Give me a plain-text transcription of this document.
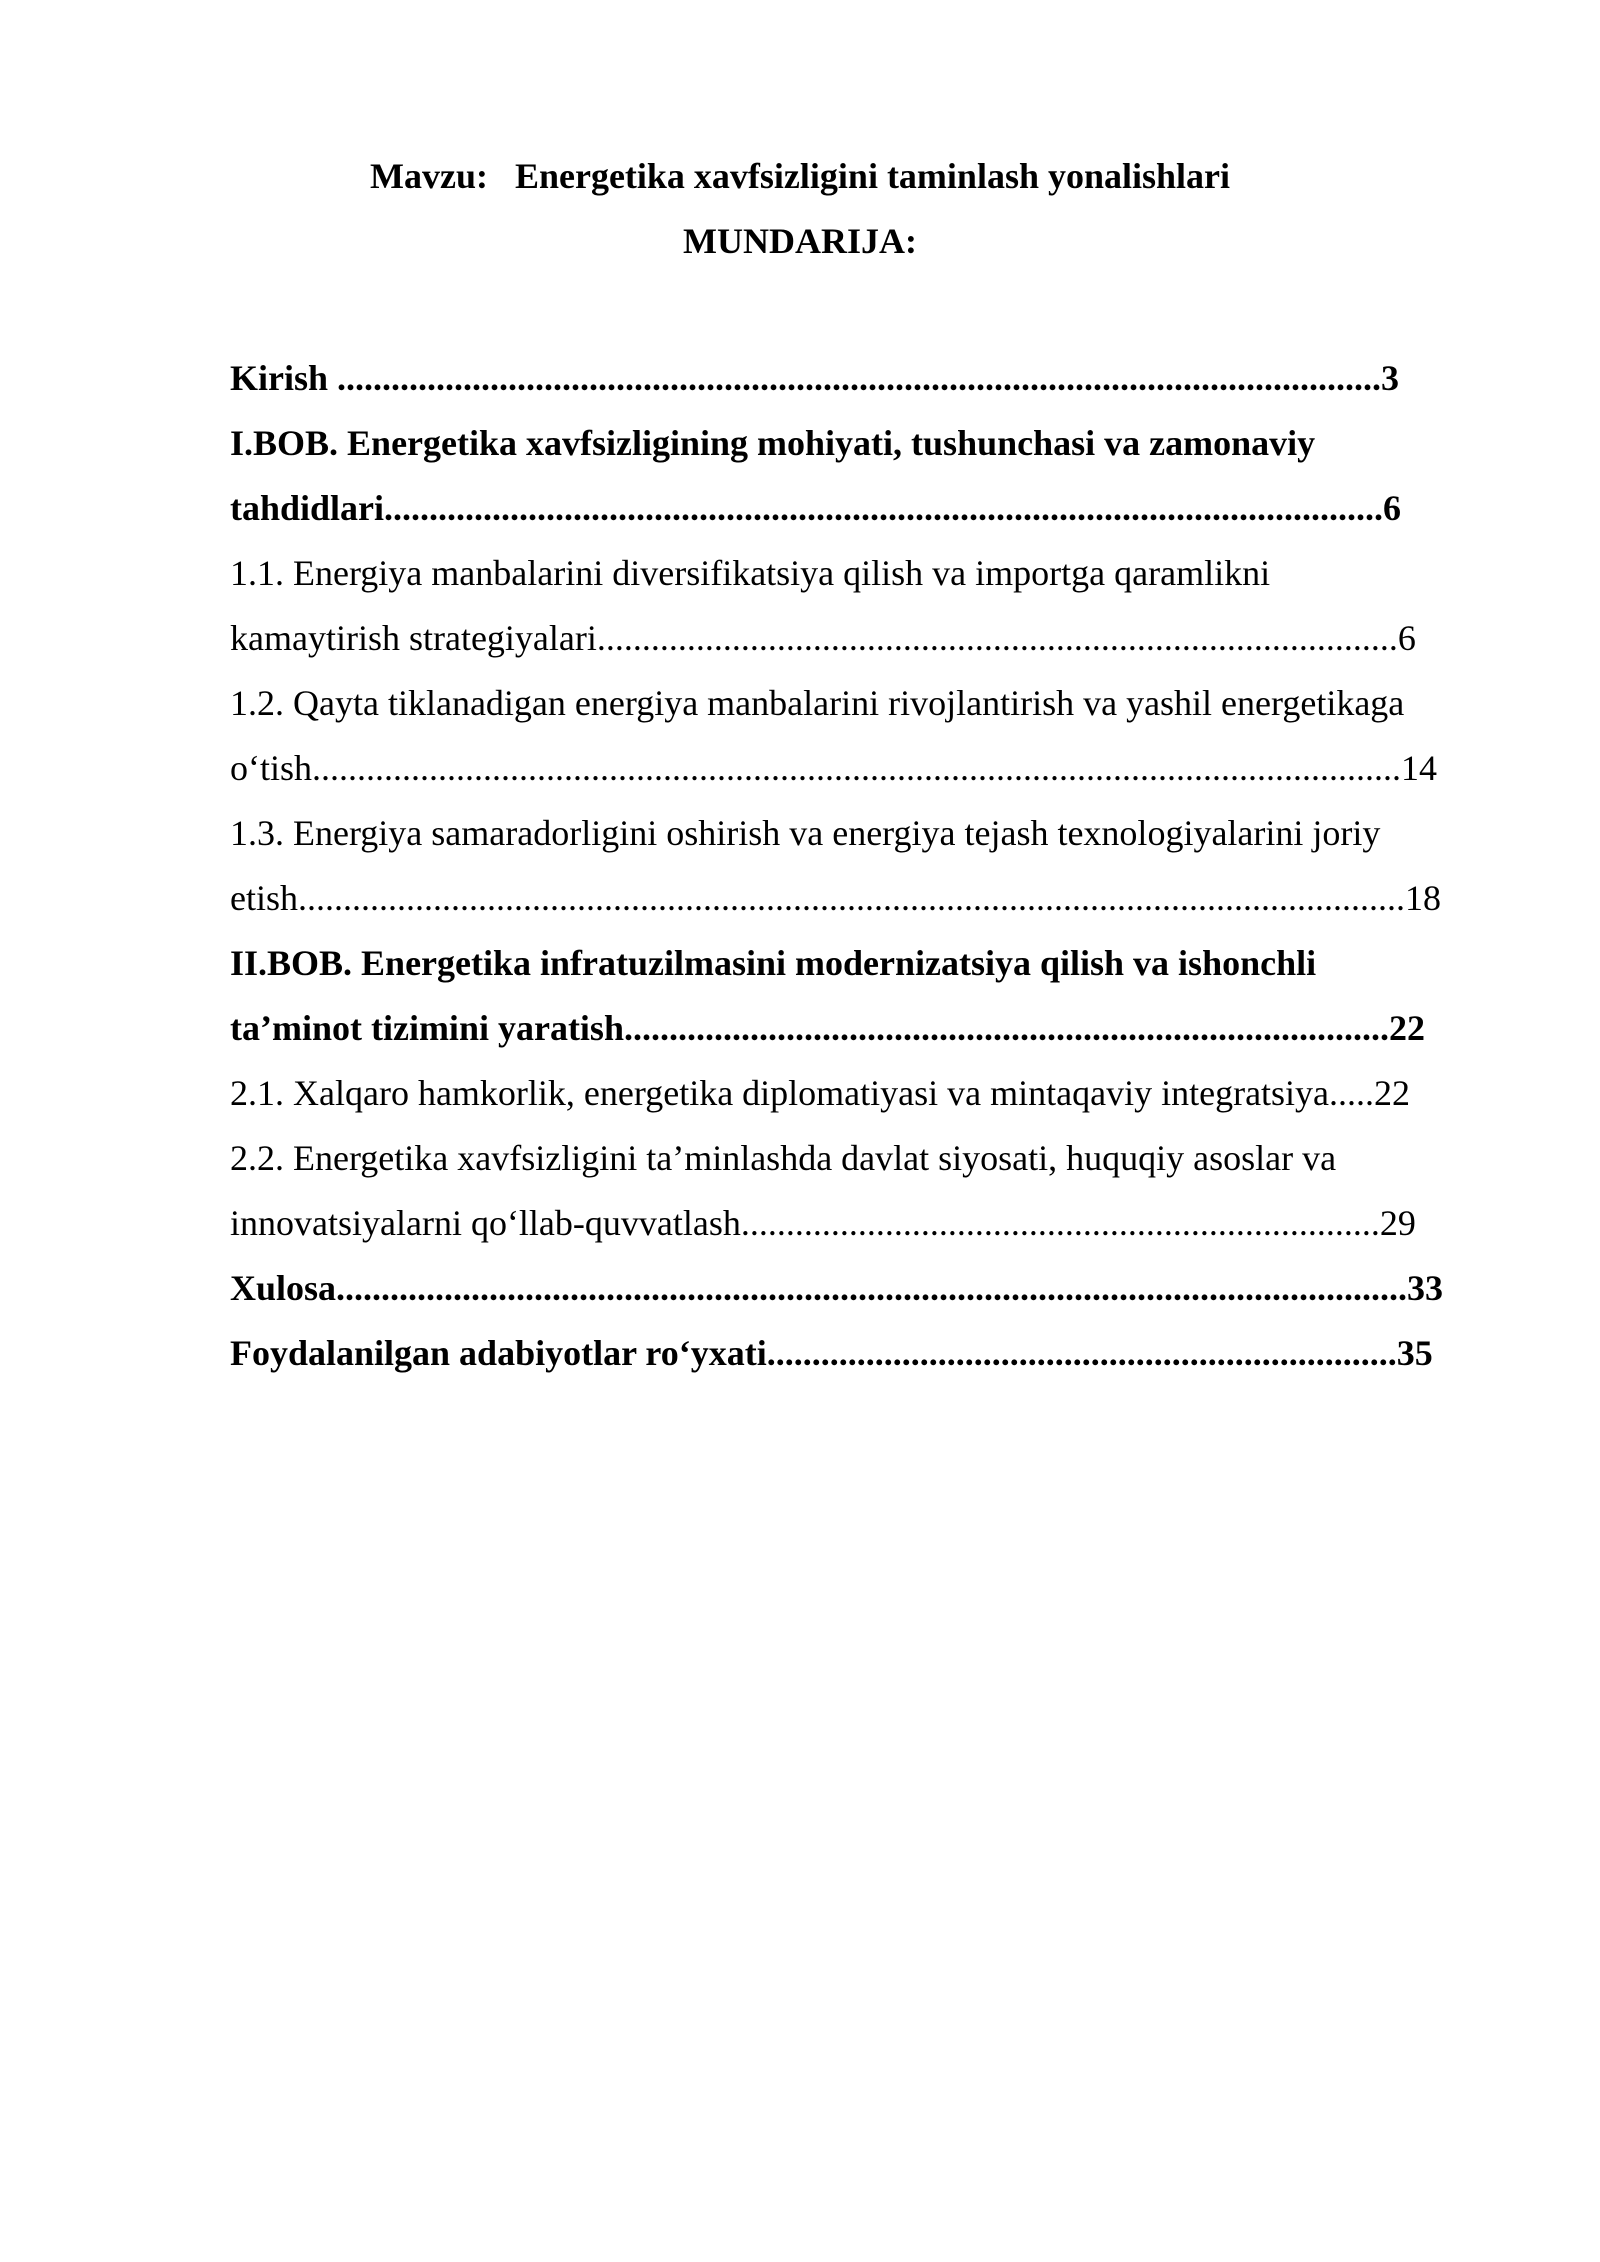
Mavzu:   Energetika xavfsizligini taminlash yonalishlari
MUNDARIJA:
Kirish ....................................................................................................................3
I.BOB. Energetika xavfsizligining mohiyati, tushunchasi va zamonaviy
tahdidlari...............................................................................................................6
1.1. Energiya manbalarini diversifikatsiya qilish va importga qaramlikni
kamaytirish strategiyalari.........................................................................................6
1.2. Qayta tiklanadigan energiya manbalarini rivojlantirish va yashil energetikaga
o‘tish.........................................................................................................................14
1.3. Energiya samaradorligini oshirish va energiya tejash texnologiyalarini joriy
etish...........................................................................................................................18
II.BOB. Energetika infratuzilmasini modernizatsiya qilish va ishonchli
ta’minot tizimini yaratish.....................................................................................22
2.1. Xalqaro hamkorlik, energetika diplomatiyasi va mintaqaviy integratsiya.....22
2.2. Energetika xavfsizligini ta’minlashda davlat siyosati, huquqiy asoslar va
innovatsiyalarni qo‘llab-quvvatlash.......................................................................29
Xulosa.......................................................................................................................33
Foydalanilgan adabiyotlar ro‘yxati......................................................................35
